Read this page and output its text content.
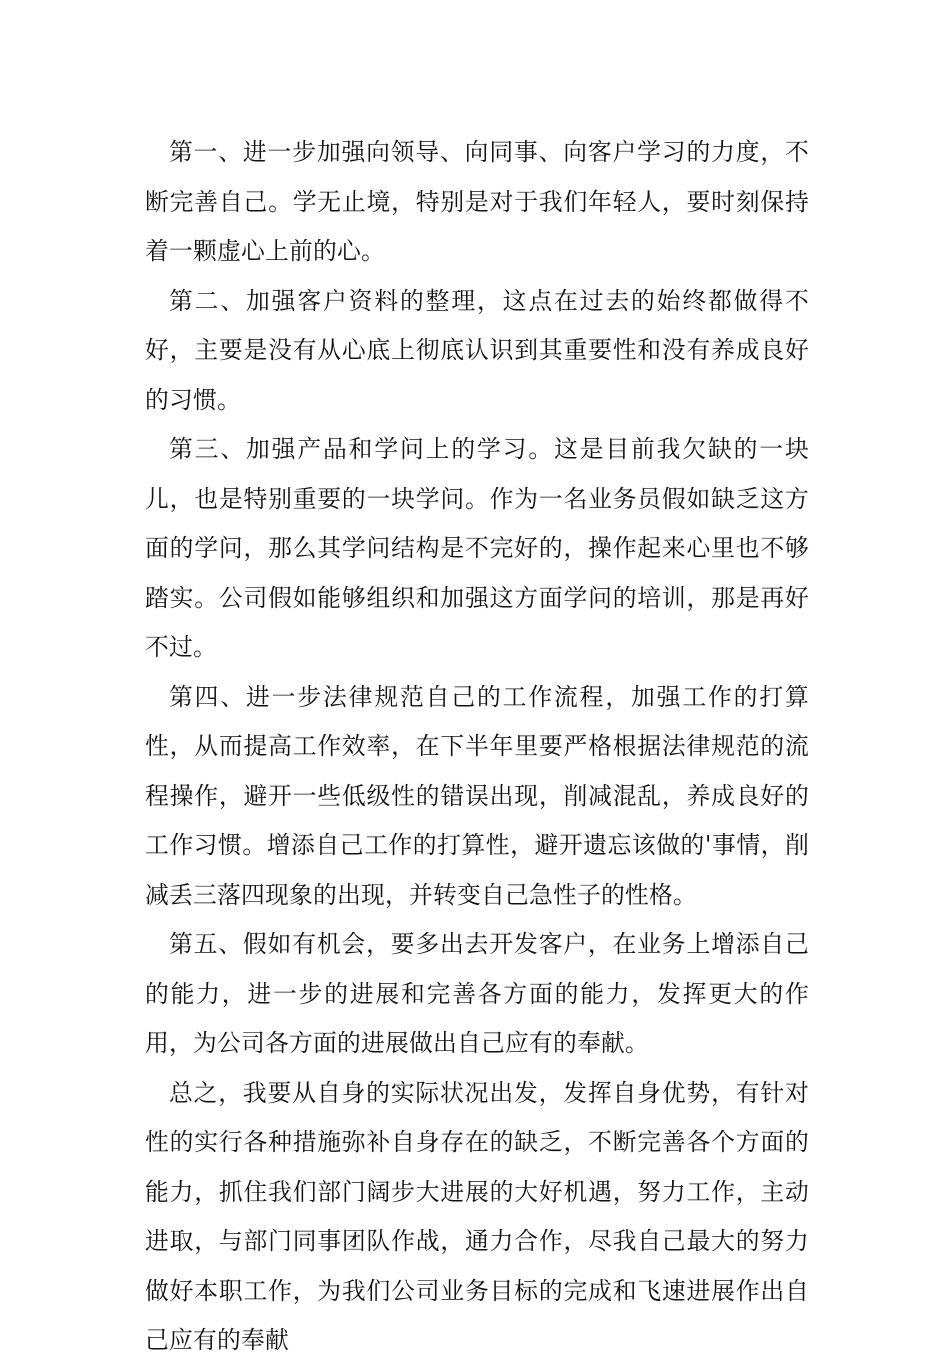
第一、进一步加强向领导、向同事、向客户学习的力度，不断完善自己。学无止境，特别是对于我们年轻人，要时刻保持着一颗虚心上前的心。

第二、加强客户资料的整理，这点在过去的始终都做得不好，主要是没有从心底上彻底认识到其重要性和没有养成良好的习惯。

第三、加强产品和学问上的学习。这是目前我欠缺的一块儿，也是特别重要的一块学问。作为一名业务员假如缺乏这方面的学问，那么其学问结构是不完好的，操作起来心里也不够踏实。公司假如能够组织和加强这方面学问的培训，那是再好不过。

第四、进一步法律规范自己的工作流程，加强工作的打算性，从而提高工作效率，在下半年里要严格根据法律规范的流程操作，避开一些低级性的错误出现，削减混乱，养成良好的工作习惯。增添自己工作的打算性，避开遗忘该做的'事情，削减丢三落四现象的出现，并转变自己急性子的性格。

第五、假如有机会，要多出去开发客户，在业务上增添自己的能力，进一步的进展和完善各方面的能力，发挥更大的作用，为公司各方面的进展做出自己应有的奉献。

总之，我要从自身的实际状况出发，发挥自身优势，有针对性的实行各种措施弥补自身存在的缺乏，不断完善各个方面的能力，抓住我们部门阔步大进展的大好机遇，努力工作，主动进取，与部门同事团队作战，通力合作，尽我自己最大的努力做好本职工作，为我们公司业务目标的完成和飞速进展作出自己应有的奉献
